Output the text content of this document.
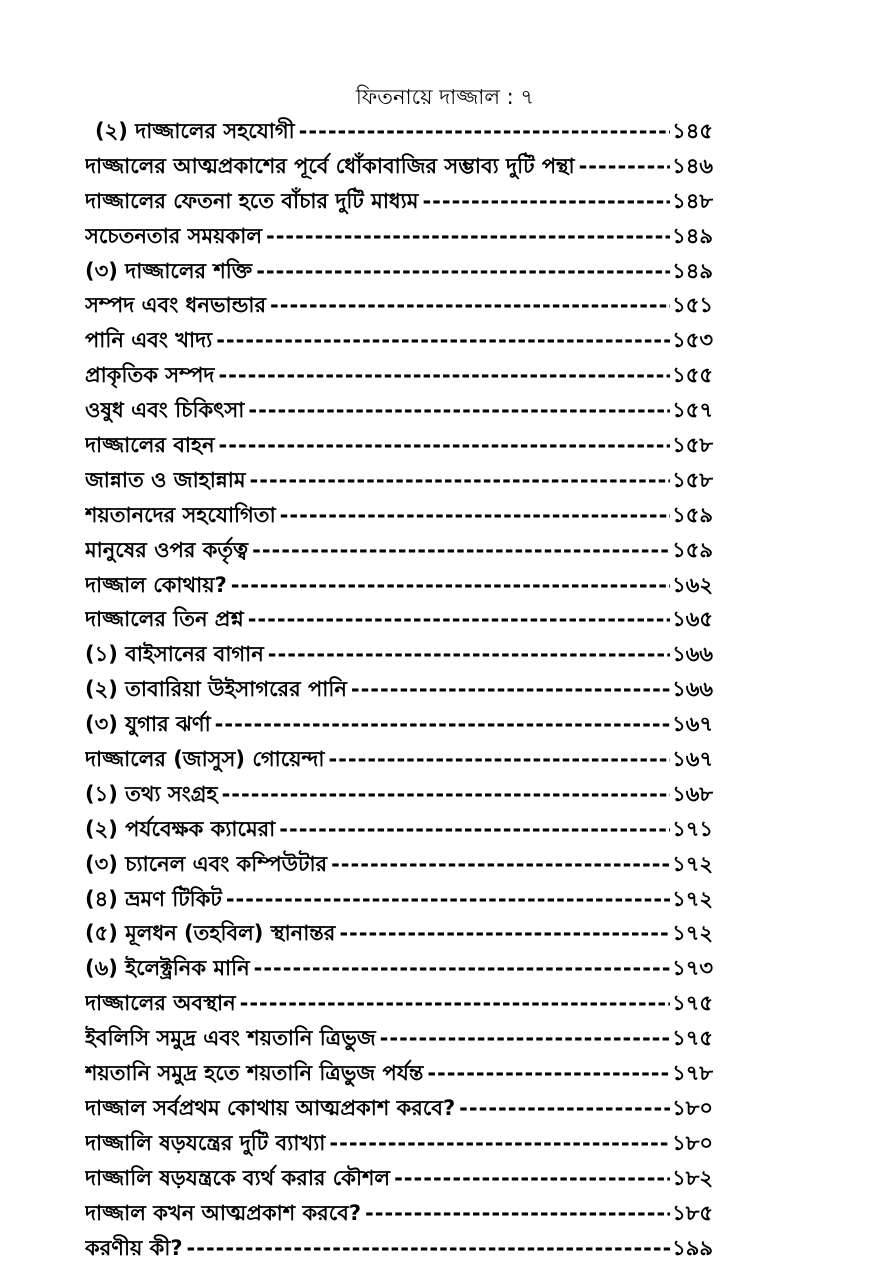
ফিতনায়ে দাজ্জাল : ৭
(২) দাজ্জালের সহযোগী -----	১৪৫
দাজ্জালের আত্মপ্রকাশের পূর্বে ধোঁকাবাজির সম্ভাব্য দুটি পন্থা -----	১৪৬
দাজ্জালের ফেতনা হতে বাঁচার দুটি মাধ্যম -----	১৪৮
সচেতনতার সময়কাল -----	১৪৯
(৩) দাজ্জালের শক্তি -----	১৪৯
সম্পদ এবং ধনভান্ডার -----	১৫১
পানি এবং খাদ্য -----	১৫৩
প্রাকৃতিক সম্পদ -----	১৫৫
ওষুধ এবং চিকিৎসা -----	১৫৭
দাজ্জালের বাহন -----	১৫৮
জান্নাত ও জাহান্নাম -----	১৫৮
শয়তানদের সহযোগিতা -----	১৫৯
মানুষের ওপর কর্তৃত্ব -----	১৫৯
দাজ্জাল কোথায়? -----	১৬২
দাজ্জালের তিন প্রশ্ন -----	১৬৫
(১) বাইসানের বাগান -----	১৬৬
(২) তাবারিয়া উইসাগরের পানি -----	১৬৬
(৩) যুগার ঝর্ণা -----	১৬৭
দাজ্জালের (জাসুস) গোয়েন্দা -----	১৬৭
(১) তথ্য সংগ্রহ -----	১৬৮
(২) পর্যবেক্ষক ক্যামেরা -----	১৭১
(৩) চ্যানেল এবং কম্পিউটার -----	১৭২
(৪) ভ্রমণ টিকিট -----	১৭২
(৫) মূলধন (তহবিল) স্থানান্তর -----	১৭২
(৬) ইলেক্ট্রনিক মানি -----	১৭৩
দাজ্জালের অবস্থান -----	১৭৫
ইবলিসি সমুদ্র এবং শয়তানি ত্রিভুজ -----	১৭৫
শয়তানি সমুদ্র হতে শয়তানি ত্রিভুজ পর্যন্ত -----	১৭৮
দাজ্জাল সর্বপ্রথম কোথায় আত্মপ্রকাশ করবে? -----	১৮০
দাজ্জালি ষড়যন্ত্রের দুটি ব্যাখ্যা -----	১৮০
দাজ্জালি ষড়যন্ত্রকে ব্যর্থ করার কৌশল -----	১৮২
দাজ্জাল কখন আত্মপ্রকাশ করবে? -----	১৮৫
করণীয় কী? -----	১৯৯
